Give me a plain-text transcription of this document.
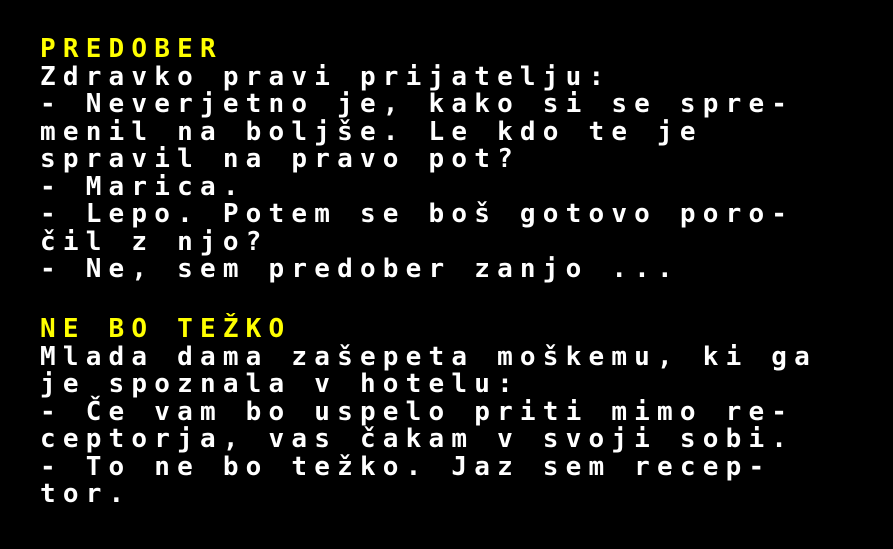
PREDOBER
Zdravko pravi prijatelju:
- Neverjetno je, kako si se spre-
menil na boljše. Le kdo te je
spravil na pravo pot?
- Marica.
- Lepo. Potem se boš gotovo poro-
čil z njo?
- Ne, sem predober zanjo ...
NE BO TEŽKO
Mlada dama zašepeta moškemu, ki ga
je spoznala v hotelu:
- Če vam bo uspelo priti mimo re-
ceptorja, vas čakam v svoji sobi.
- To ne bo težko. Jaz sem recep-
tor.
